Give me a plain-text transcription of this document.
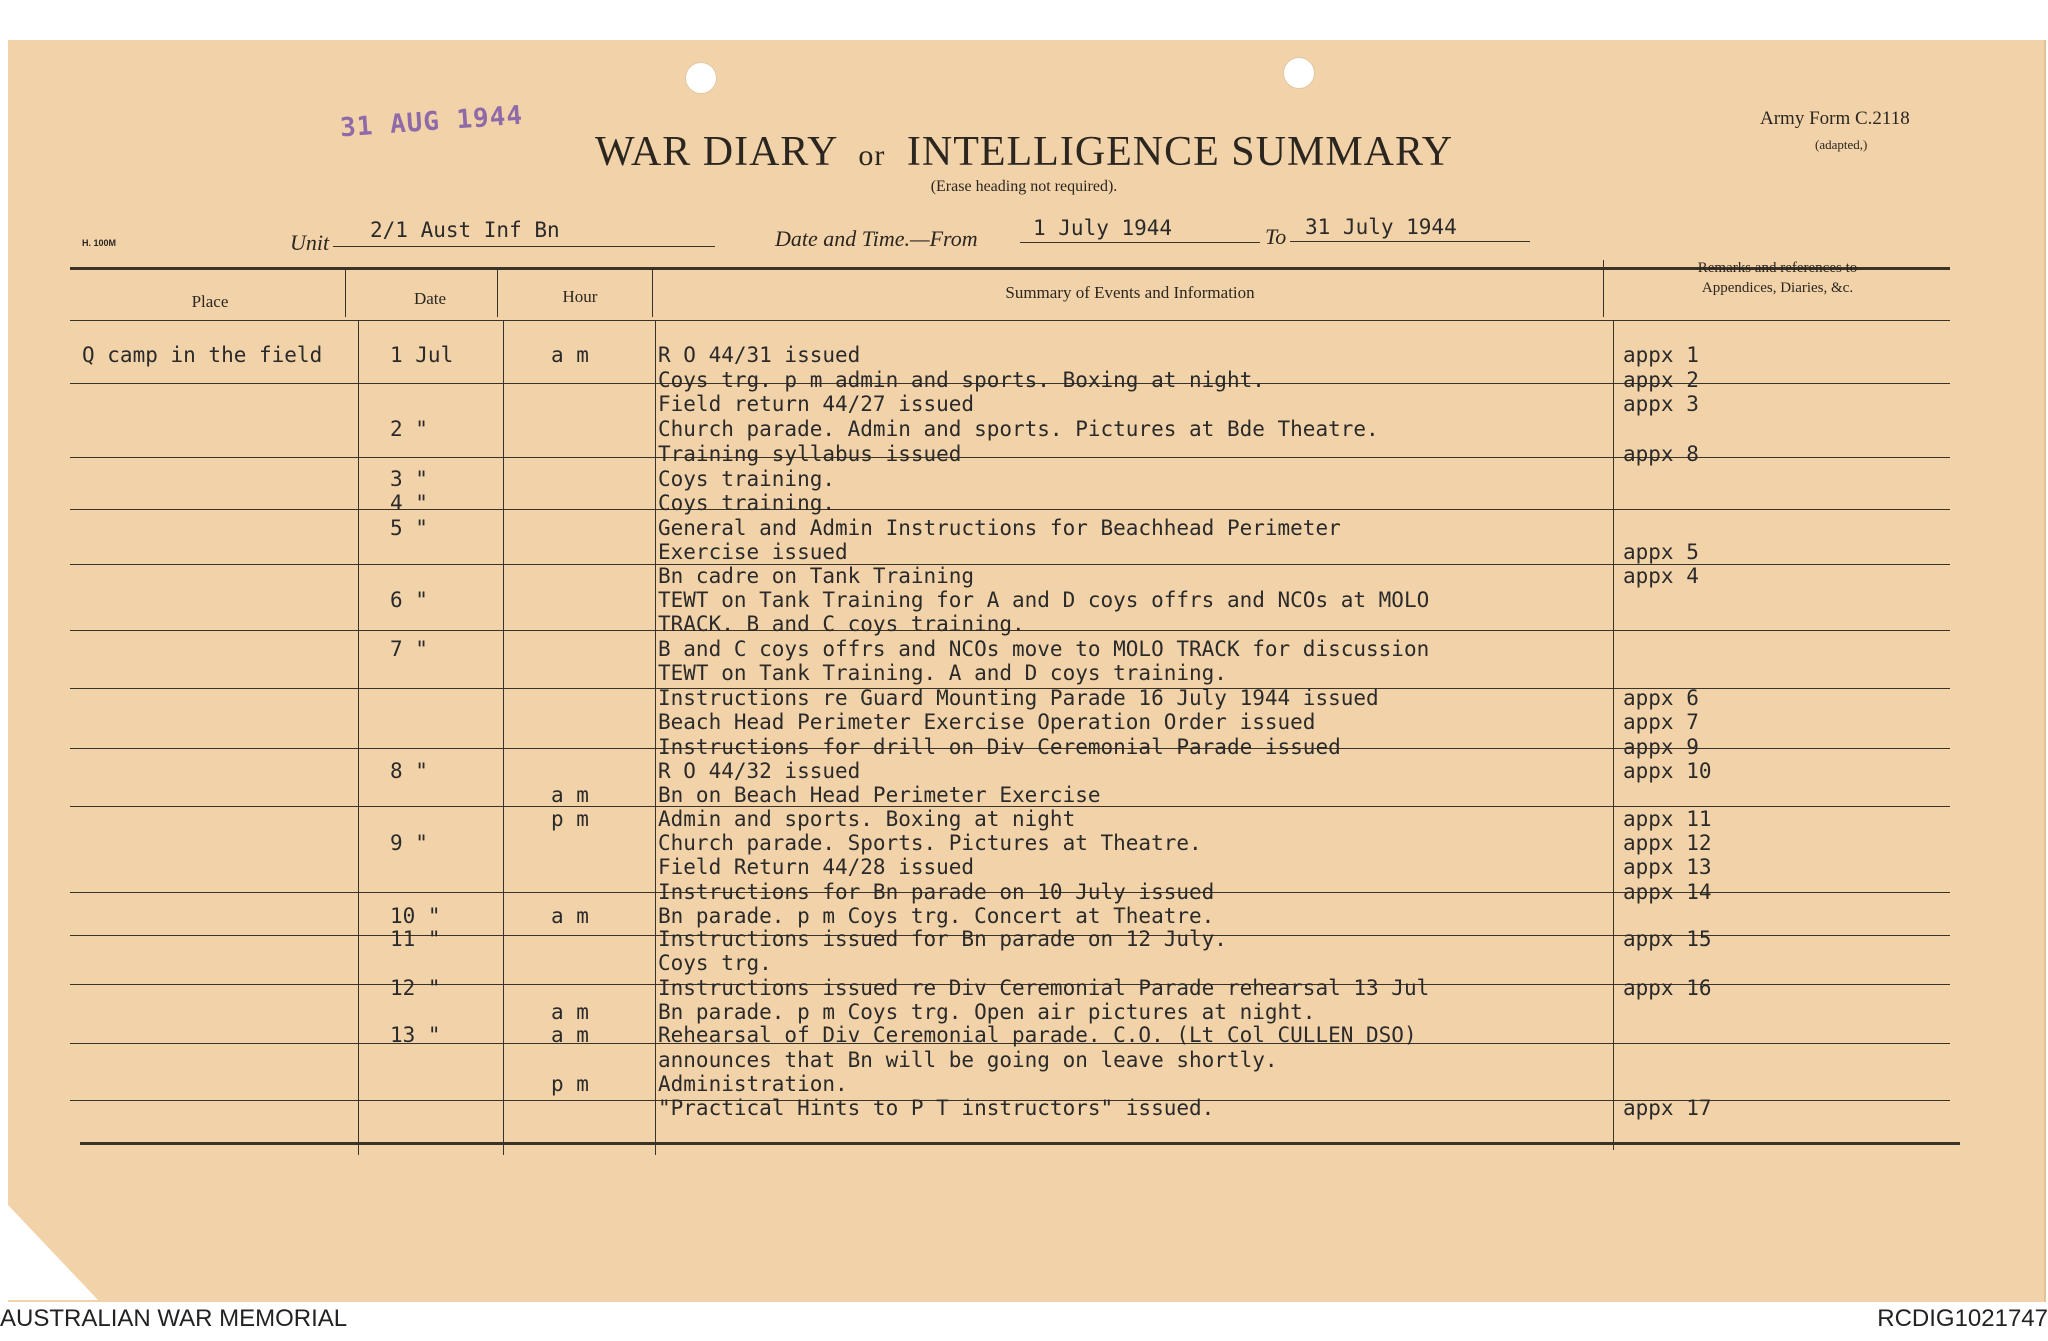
31 AUG 1944
WAR DIARY or INTELLIGENCE SUMMARY
(Erase heading not required).
Army Form C.2118
(adapted,)
H. 100M	Unit 2/1 Aust Inf Bn	Date and Time.—From	1 July 1944	To 31 July 1944
Place	Date	Hour	Summary of Events and Information
Remarks and references to
Appendices, Diaries, &c.
Q camp in the field	1 Jul	a m	R O 44/31 issued	appx 1
Coys trg. p m admin and sports. Boxing at night.	appx 2
Field return 44/27 issued	appx 3
2 "	Church parade. Admin and sports. Pictures at Bde Theatre.
Training syllabus issued	appx 8
3 "	Coys training.
4 "	Coys training.
5 "	General and Admin Instructions for Beachhead Perimeter
Exercise issued	appx 5
Bn cadre on Tank Training	appx 4
6 "	TEWT on Tank Training for A and D coys offrs and NCOs at MOLO
TRACK. B and C coys training.
7 "	B and C coys offrs and NCOs move to MOLO TRACK for discussion
TEWT on Tank Training. A and D coys training.
Instructions re Guard Mounting Parade 16 July 1944 issued	appx 6
Beach Head Perimeter Exercise Operation Order issued	appx 7
Instructions for drill on Div Ceremonial Parade issued	appx 9
8 "	R O 44/32 issued	appx 10
a m	Bn on Beach Head Perimeter Exercise
p m	Admin and sports. Boxing at night	appx 11
9 "	Church parade. Sports. Pictures at Theatre.	appx 12
Field Return 44/28 issued	appx 13
Instructions for Bn parade on 10 July issued	appx 14
10 "	a m	Bn parade. p m Coys trg. Concert at Theatre.
11 "	Instructions issued for Bn parade on 12 July.	appx 15
Coys trg.
12 "	Instructions issued re Div Ceremonial Parade rehearsal 13 Jul	appx 16
a m	Bn parade. p m Coys trg. Open air pictures at night.
13 "	a m	Rehearsal of Div Ceremonial parade. C.O. (Lt Col CULLEN DSO)
announces that Bn will be going on leave shortly.
p m	Administration.
"Practical Hints to P T instructors" issued.	appx 17
AUSTRALIAN WAR MEMORIAL	RCDIG1021747
